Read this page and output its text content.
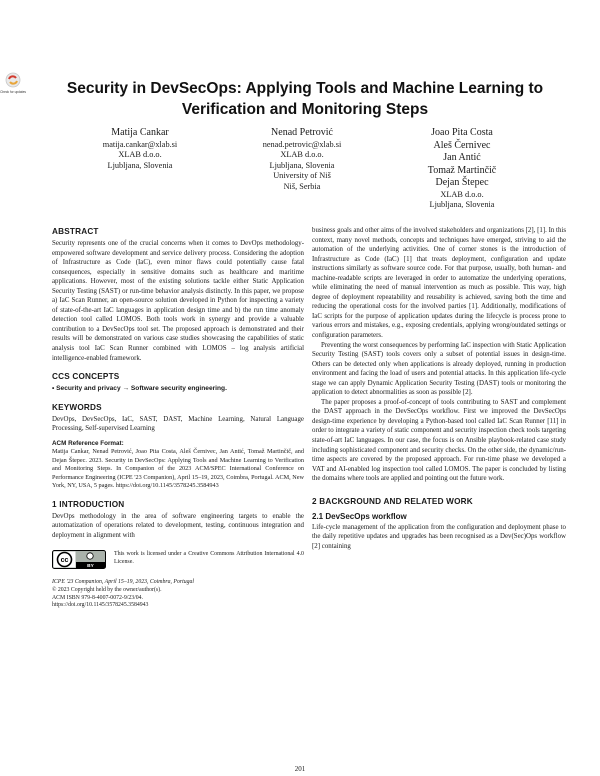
Check for updates	Security in DevSecOps: Applying Tools and Machine Learning to Verification and Monitoring Steps
Matija Cankar
matija.cankar@xlab.si
XLAB d.o.o.
Ljubljana, Slovenia
Nenad Petrović
nenad.petrovic@xlab.si
XLAB d.o.o.
Ljubljana, Slovenia
University of Niš
Niš, Serbia
Joao Pita Costa
Aleš Černivec
Jan Antić
Tomaž Martinčič
Dejan Štepec
XLAB d.o.o.
Ljubljana, Slovenia
ABSTRACT

Security represents one of the crucial concerns when it comes to DevOps methodology-empowered software development and service delivery process. Considering the adoption of Infrastructure as Code (IaC), even minor flaws could potentially cause fatal consequences, especially in sensitive domains such as healthcare and maritime applications. However, most of the existing solutions tackle either Static Application Security Testing (SAST) or run-time behavior analysis distinctly. In this paper, we propose a) IaC Scan Runner, an open-source solution developed in Python for inspecting a variety of state-of-the-art IaC languages in application design time and b) the run time anomaly detection tool called LOMOS. Both tools work in synergy and provide a valuable contribution to a DevSecOps tool set. The proposed approach is demonstrated and their results will be demonstrated on various case studies showcasing the capabilities of static analysis tool IaC Scan Runner combined with LOMOS – log analysis artificial intelligence-enabled framework.

CCS CONCEPTS

• Security and privacy → Software security engineering.

KEYWORDS

DevOps, DevSecOps, IaC, SAST, DAST, Machine Learning, Natural Language Processing, Self-supervised Learning

ACM Reference Format:

Matija Cankar, Nenad Petrović, Joao Pita Costa, Aleš Černivec, Jan Antić, Tomaž Martinčič, and Dejan Štepec. 2023. Security in DevSecOps: Applying Tools and Machine Learning to Verification and Monitoring Steps. In Companion of the 2023 ACM/SPEC International Conference on Performance Engineering (ICPE '23 Companion), April 15–19, 2023, Coimbra, Portugal. ACM, New York, NY, USA, 5 pages. https://doi.org/10.1145/3578245.3584943

1 INTRODUCTION

DevOps methodology in the area of software engineering targets to enable the automatization of operations related to development, testing, continuous integration and deployment in alignment with

cc
BY
This work is licensed under a Creative Commons Attribution International 4.0 License.
ICPE '23 Companion, April 15–19, 2023, Coimbra, Portugal
© 2023 Copyright held by the owner/author(s).
ACM ISBN 979-8-4007-0072-9/23/04.
https://doi.org/10.1145/3578245.3584943

business goals and other aims of the involved stakeholders and organizations [2], [1]. In this context, many novel methods, concepts and techniques have emerged, striving to aid the automation of the underlying activities. One of corner stones is the introduction of Infrastructure as Code (IaC) [1] that treats deployment, configuration and update instructions similarly as software source code. For that purpose, usually, both human- and machine-readable scripts are leveraged in order to automatize the underlying operations, while eliminating the need of manual intervention as much as possible. This way, high degree of deployment repeatability and reusability is achieved, saving both the time and reducing the operational costs for the involved parties [1]. Additionally, modifications of IaC scripts for the purpose of application updates during the lifecycle is process prone to various errors and mistakes, e.g., exposing credentials, applying wrong/outdated settings or configuration parameters.

Preventing the worst consequences by performing IaC inspection with Static Application Security Testing (SAST) tools covers only a subset of potential issues in design-time. Others can be detected only when applications is already deployed, running in production environment and facing the load of users and potential attacks. In this application life-cycle stage we can apply Dynamic Application Security Testing (DAST) tools or monitoring the application to detect abnormalities as soon as possible [2].

The paper proposes a proof-of-concept of tools contributing to SAST and complement the DAST approach in the DevSecOps workflow. First we improved the DevSecOps design-time experience by developing a Python-based tool called IaC Scan Runner [11] in order to integrate a variety of static component and security inspection check tools targeting state-of-art IaC languages. In our case, the focus is on Ansible playbook-related case study including sophisticated component and security checks. On the other side, the dynamic/run-time aspects are covered by the proposed approach. For run-time phase we developed a VAT and AI-enabled log inspection tool called LOMOS. The paper is concluded by listing the domains where tools are applied and pointing out the future work.

2 BACKGROUND AND RELATED WORK
2.1 DevSecOps workflow

Life-cycle management of the application from the configuration and deployment phase to the daily repetitive updates and upgrades has been recognised as a Dev(Sec)Ops workflow [2] containing

201
